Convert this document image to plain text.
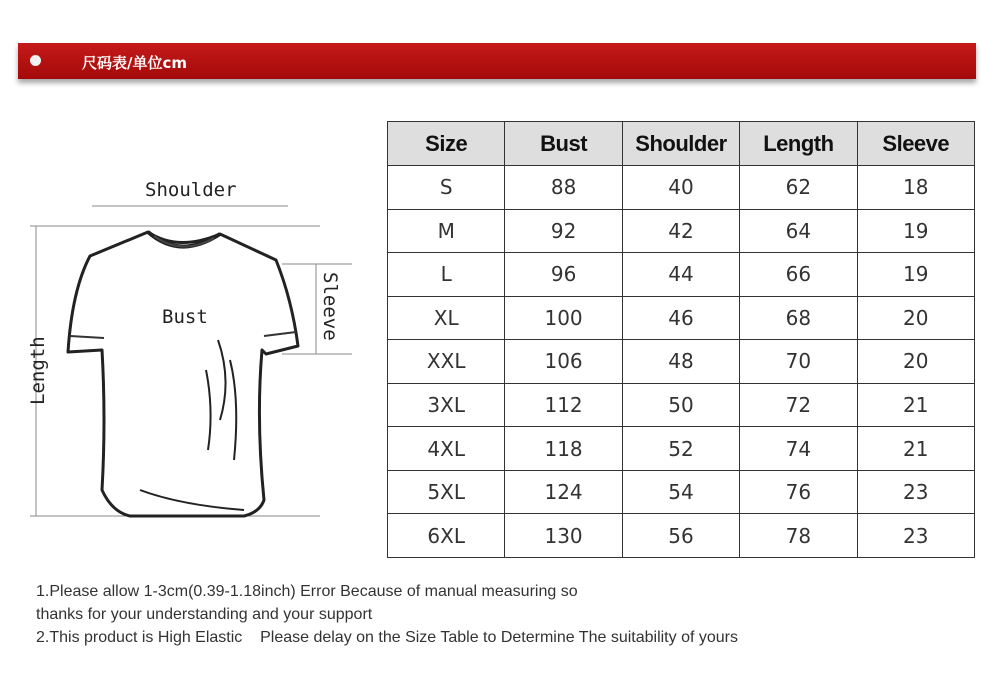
尺码表/单位cm
Shoulder
Bust	Sleeve
Length
Size	Bust	Shoulder	Length	Sleeve
S	88	40	62	18
M	92	42	64	19
L	96	44	66	19
XL	100	46	68	20
XXL	106	48	70	20
3XL	112	50	72	21
4XL	118	52	74	21
5XL	124	54	76	23
6XL	130	56	78	23
1.Please allow 1-3cm(0.39-1.18inch) Error Because of manual measuring so
thanks for your understanding and your support
2.This product is High Elastic    Please delay on the Size Table to Determine The suitability of yours
